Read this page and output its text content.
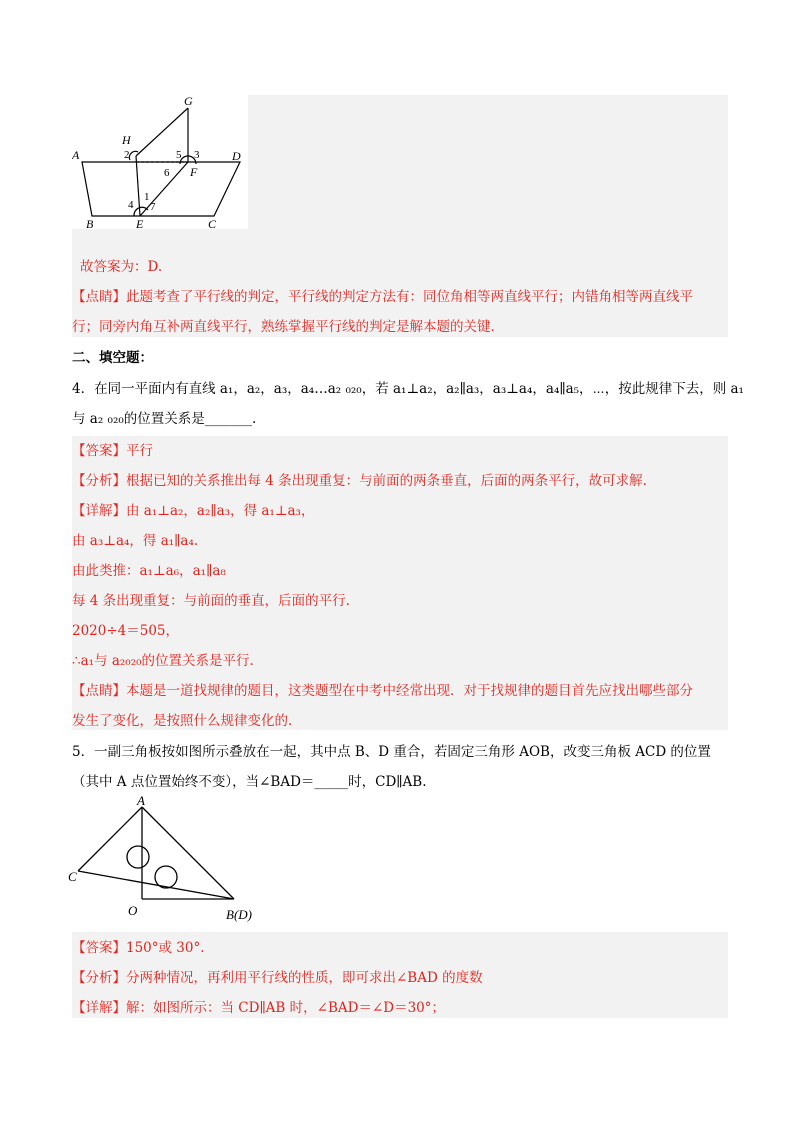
G
H
A	D
B	C
E
F
2	5 3
6
1
4 7
故答案为：D.
【点睛】此题考查了平行线的判定，平行线的判定方法有：同位角相等两直线平行；内错角相等两直线平
行；同旁内角互补两直线平行，熟练掌握平行线的判定是解本题的关键.
二、填空题：
4．在同一平面内有直线 a₁，a₂，a₃，a₄…a₂ ₀₂₀，若 a₁⊥a₂，a₂∥a₃，a₃⊥a₄，a₄∥a₅，⋯，按此规律下去，则 a₁
与 a₂ ₀₂₀的位置关系是_______.
【答案】平行
【分析】根据已知的关系推出每 4 条出现重复：与前面的两条垂直，后面的两条平行，故可求解.
【详解】由 a₁⊥a₂，a₂∥a₃，得 a₁⊥a₃，
由 a₃⊥a₄，得 a₁∥a₄.
由此类推：a₁⊥a₆，a₁∥a₈
每 4 条出现重复：与前面的垂直，后面的平行.
2020÷4＝505，
∴a₁与 a₂₀₂₀的位置关系是平行.
【点睛】本题是一道找规律的题目，这类题型在中考中经常出现．对于找规律的题目首先应找出哪些部分
发生了变化，是按照什么规律变化的.
5．一副三角板按如图所示叠放在一起，其中点 B、D 重合，若固定三角形 AOB，改变三角板 ACD 的位置
（其中 A 点位置始终不变），当∠BAD＝_____时，CD∥AB.
A
C
O	B(D)
【答案】150°或 30°.
【分析】分两种情况，再利用平行线的性质，即可求出∠BAD 的度数
【详解】解：如图所示：当 CD∥AB 时，∠BAD＝∠D＝30°；
